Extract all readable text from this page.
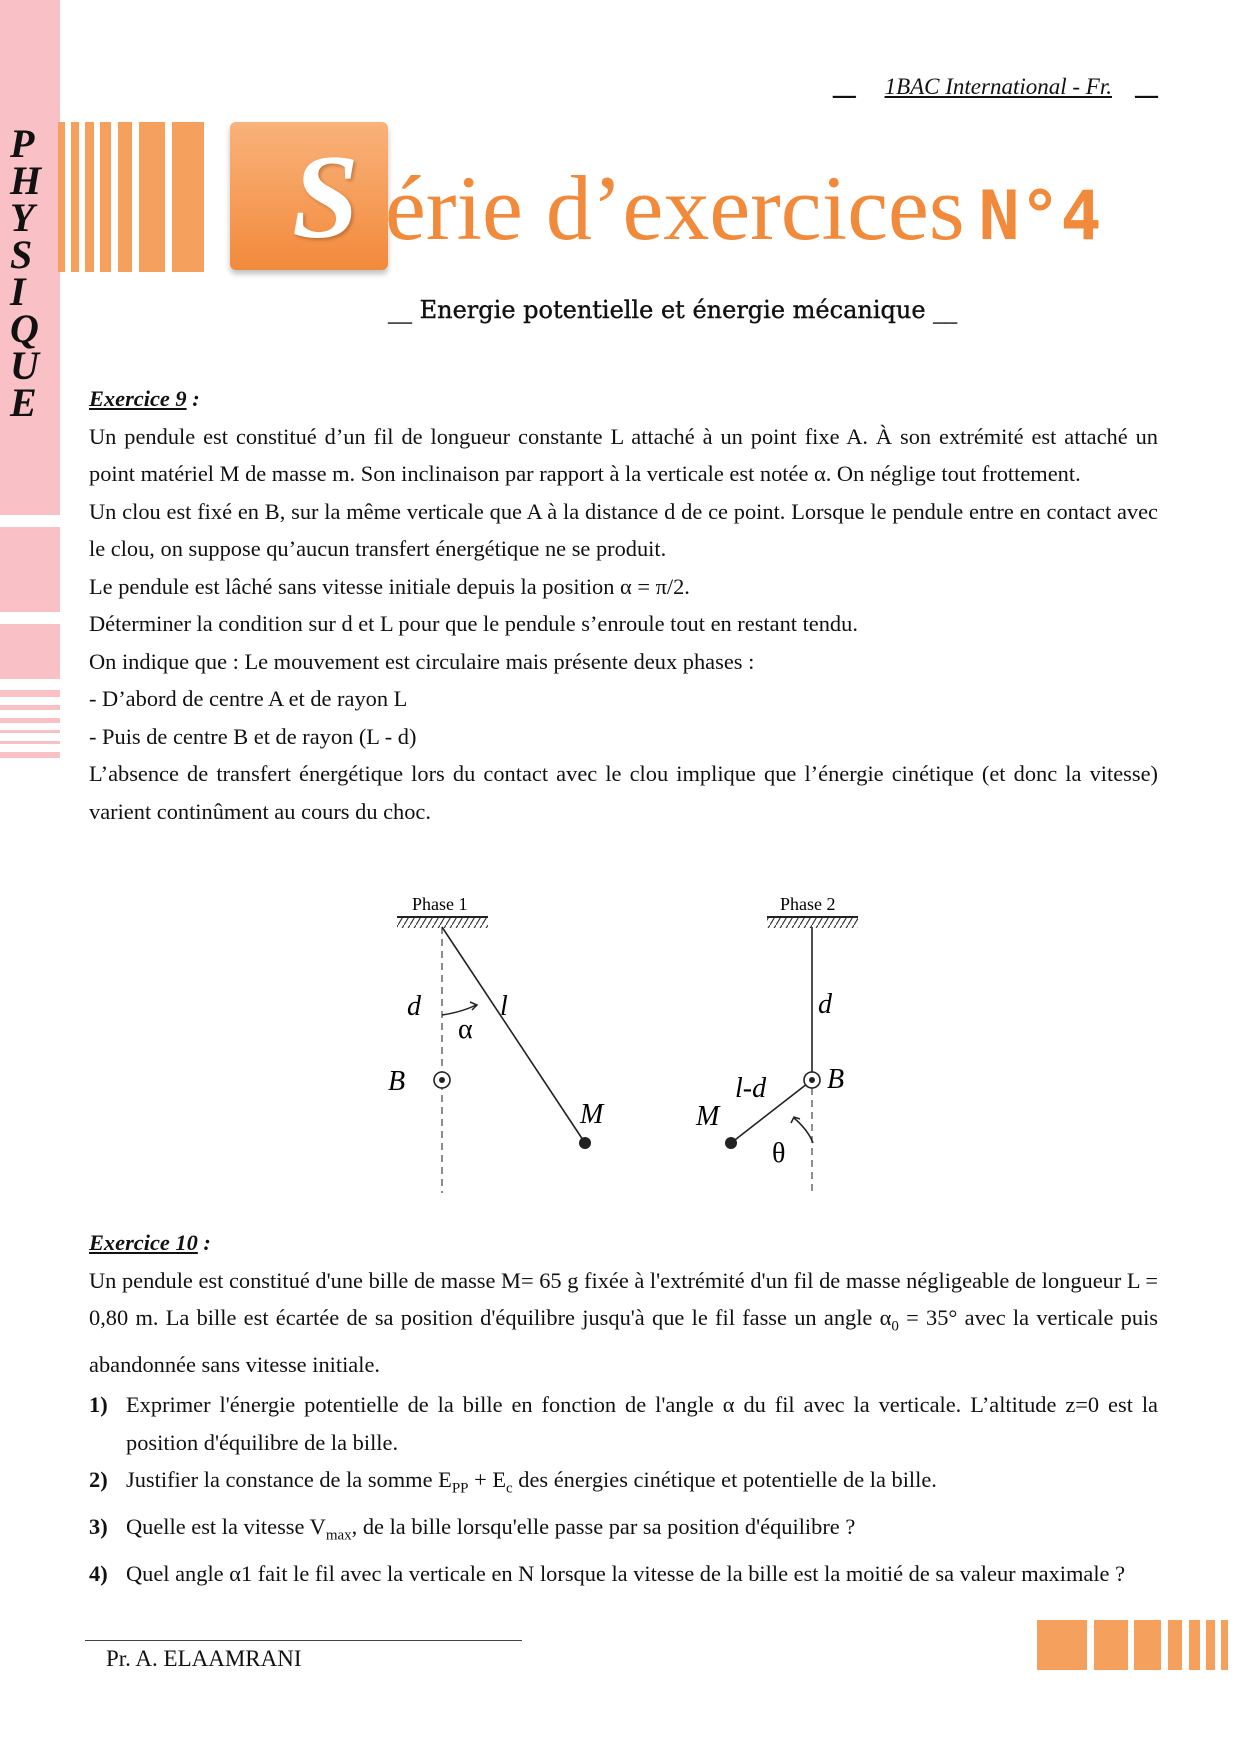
P
H
Y
S
I
Q
U
E
__ 1BAC International - Fr. __
S érie d’exercices N°4
__ Energie potentielle et énergie mécanique __
Exercice 9 :

Un pendule est constitué d’un fil de longueur constante L attaché à un point fixe A. À son extrémité est attaché un point matériel M de masse m. Son inclinaison par rapport à la verticale est notée α. On néglige tout frottement.

Un clou est fixé en B, sur la même verticale que A à la distance d de ce point. Lorsque le pendule entre en contact avec le clou, on suppose qu’aucun transfert énergétique ne se produit.

Le pendule est lâché sans vitesse initiale depuis la position α = π/2.

Déterminer la condition sur d et L pour que le pendule s’enroule tout en restant tendu.

On indique que : Le mouvement est circulaire mais présente deux phases :

- D’abord de centre A et de rayon L

- Puis de centre B et de rayon (L - d)

L’absence de transfert énergétique lors du contact avec le clou implique que l’énergie cinétique (et donc la vitesse) varient continûment au cours du choc.

Phase 1
d	l
α
B
M
Phase 2
d
B
l-d
M
θ
Exercice 10 :

Un pendule est constitué d'une bille de masse M= 65 g fixée à l'extrémité d'un fil de masse négligeable de longueur L = 0,80 m. La bille est écartée de sa position d'équilibre jusqu'à que le fil fasse un angle $\alpha_0 = 35^\circ$ avec la verticale puis abandonnée sans vitesse initiale.

1) Exprimer l'énergie potentielle de la bille en fonction de l'angle α du fil avec la verticale. L’altitude z=0 est la position d'équilibre de la bille.
2) Justifier la constance de la somme $E_{PP} + E_c$ des énergies cinétique et potentielle de la bille.
3) Quelle est la vitesse $V_{max}$, de la bille lorsqu'elle passe par sa position d'équilibre ?
4) Quel angle α1 fait le fil avec la verticale en N lorsque la vitesse de la bille est la moitié de sa valeur maximale ?
Pr. A. ELAAMRANI
